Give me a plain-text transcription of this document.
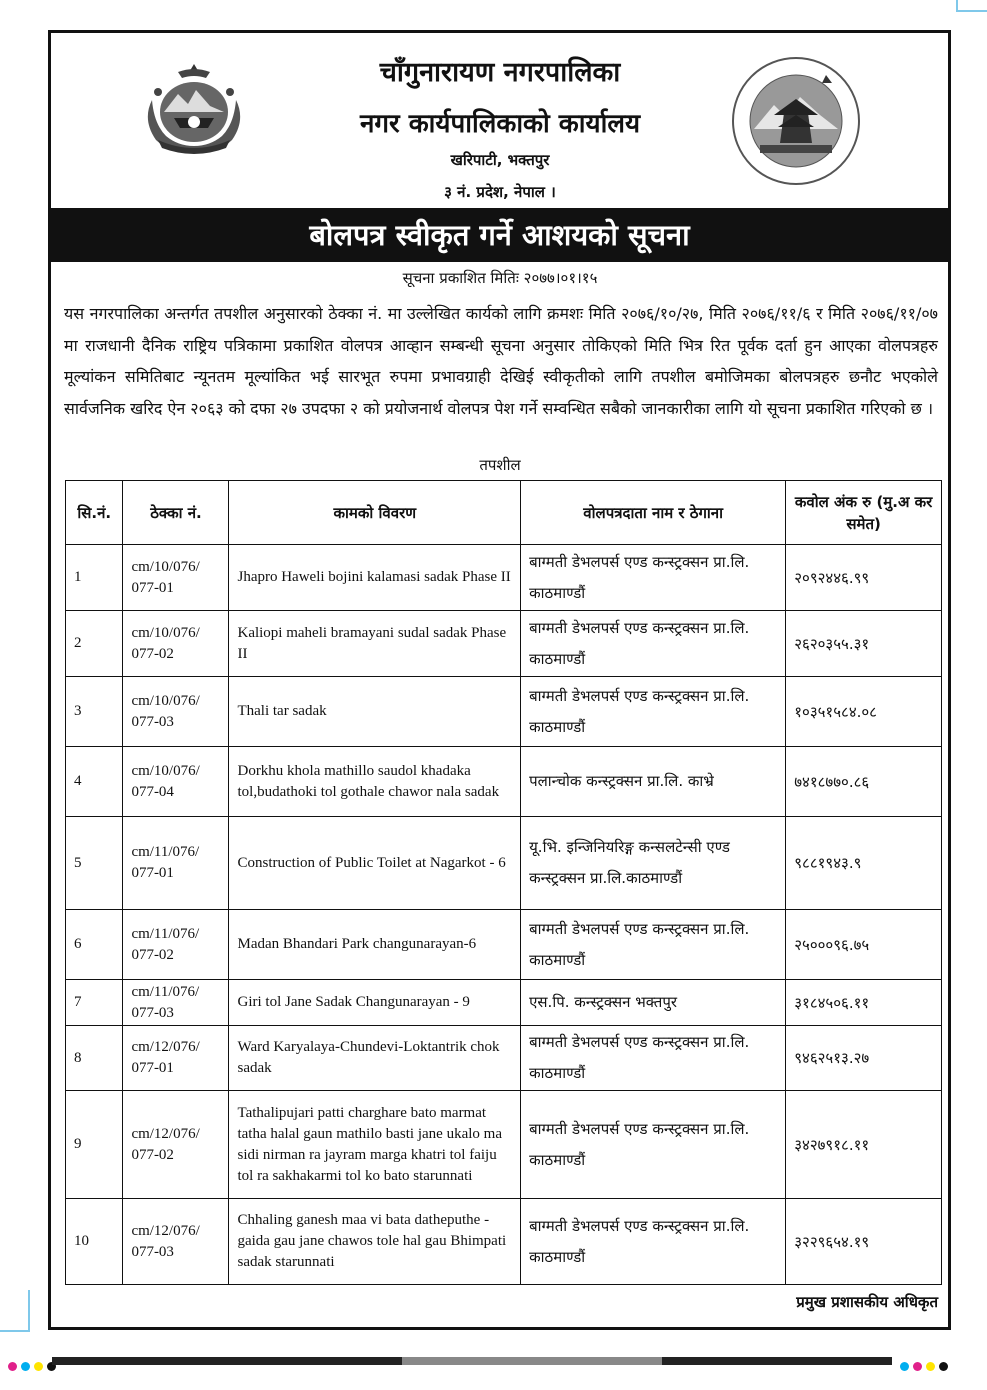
चाँगुनारायण नगरपालिका
नगर कार्यपालिकाको कार्यालय
खरिपाटी, भक्तपुर
३ नं. प्रदेश, नेपाल ।
बोलपत्र स्वीकृत गर्ने आशयको सूचना
सूचना प्रकाशित मितिः २०७७।०१।१५
यस नगरपालिका अन्तर्गत तपशील अनुसारको ठेक्का नं. मा उल्लेखित कार्यको लागि क्रमशः मिति २०७६/१०/२७, मिति २०७६/११/६ र मिति २०७६/११/०७ मा राजधानी दैनिक राष्ट्रिय पत्रिकामा प्रकाशित वोलपत्र आव्हान सम्बन्धी सूचना अनुसार तोकिएको मिति भित्र रित पूर्वक दर्ता हुन आएका वोलपत्रहरु मूल्यांकन समितिबाट न्यूनतम मूल्यांकित भई सारभूत रुपमा प्रभावग्राही देखिई स्वीकृतीको लागि तपशील बमोजिमका बोलपत्रहरु छनौट भएकोले सार्वजनिक खरिद ऐन २०६३ को दफा २७ उपदफा २ को प्रयोजनार्थ वोलपत्र पेश गर्ने सम्वन्धित सबैको जानकारीका लागि यो सूचना प्रकाशित गरिएको छ ।
तपशील
सि.नं.	ठेक्का नं.	कामको विवरण	वोलपत्रदाता नाम र ठेगाना	कवोल अंक रु (मु.अ कर समेत)
1	cm/10/076/ 077-01	Jhapro Haweli bojini kalamasi sadak Phase II	बाग्मती डेभलपर्स एण्ड कन्स्ट्रक्सन प्रा.लि. काठमाण्डौं	२०९२४४६.९९
2	cm/10/076/ 077-02	Kaliopi maheli bramayani sudal sadak Phase II	बाग्मती डेभलपर्स एण्ड कन्स्ट्रक्सन प्रा.लि. काठमाण्डौं	२६२०३५५.३१
3	cm/10/076/ 077-03	Thali tar sadak	बाग्मती डेभलपर्स एण्ड कन्स्ट्रक्सन प्रा.लि. काठमाण्डौं	१०३५१५८४.०८
4	cm/10/076/ 077-04	Dorkhu khola mathillo saudol khadaka tol,budathoki tol gothale chawor nala sadak	पलान्चोक कन्स्ट्रक्सन प्रा.लि. काभ्रे	७४१८७७०.८६
5	cm/11/076/ 077-01	Construction of Public Toilet at Nagarkot - 6	यू.भि. इन्जिनियरिङ्ग कन्सलटेन्सी एण्ड कन्स्ट्रक्सन प्रा.लि.काठमाण्डौं	९८८१९४३.९
6	cm/11/076/ 077-02	Madan Bhandari Park changunarayan-6	बाग्मती डेभलपर्स एण्ड कन्स्ट्रक्सन प्रा.लि. काठमाण्डौं	२५०००९६.७५
7	cm/11/076/ 077-03	Giri tol Jane Sadak Changunarayan - 9	एस.पि. कन्स्ट्रक्सन भक्तपुर	३१८४५०६.११
8	cm/12/076/ 077-01	Ward Karyalaya-Chundevi-Loktantrik chok sadak	बाग्मती डेभलपर्स एण्ड कन्स्ट्रक्सन प्रा.लि. काठमाण्डौं	९४६२५१३.२७
9	cm/12/076/ 077-02	Tathalipujari patti charghare bato marmat tatha halal gaun mathilo basti jane ukalo ma sidi nirman ra jayram marga khatri tol faiju tol ra sakhakarmi tol ko bato starunnati	बाग्मती डेभलपर्स एण्ड कन्स्ट्रक्सन प्रा.लि. काठमाण्डौं	३४२७९१८.११
10	cm/12/076/ 077-03	Chhaling ganesh maa vi bata datheputhe - gaida gau jane chawos tole hal gau Bhimpati sadak starunnati	बाग्मती डेभलपर्स एण्ड कन्स्ट्रक्सन प्रा.लि. काठमाण्डौं	३२२९६५४.१९
प्रमुख प्रशासकीय अधिकृत
